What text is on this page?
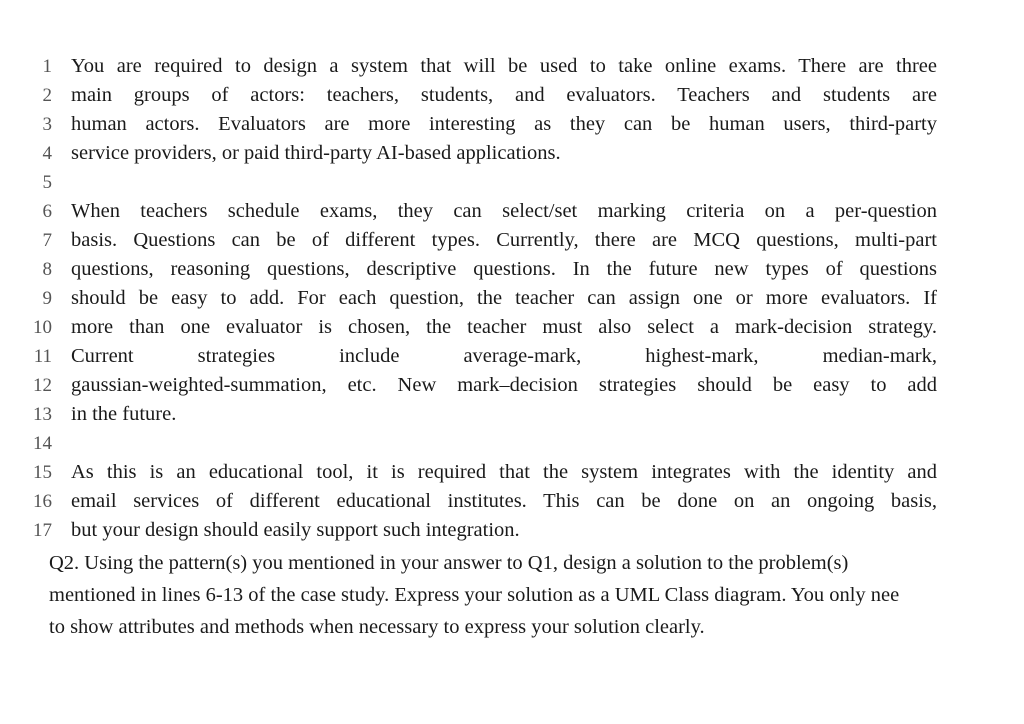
1 You are required to design a system that will be used to take online exams. There are three
2 main groups of actors: teachers, students, and evaluators. Teachers and students are
3 human actors. Evaluators are more interesting as they can be human users, third-party
4 service providers, or paid third-party AI-based applications.
5
6 When teachers schedule exams, they can select/set marking criteria on a per-question
7 basis. Questions can be of different types. Currently, there are MCQ questions, multi-part
8 questions, reasoning questions, descriptive questions. In the future new types of questions
9 should be easy to add. For each question, the teacher can assign one or more evaluators. If
10 more than one evaluator is chosen, the teacher must also select a mark-decision strategy.
11 Current strategies include average-mark, highest-mark, median-mark,
12 gaussian-weighted-summation, etc. New mark–decision strategies should be easy to add
13 in the future.
14
15 As this is an educational tool, it is required that the system integrates with the identity and
16 email services of different educational institutes. This can be done on an ongoing basis,
17 but your design should easily support such integration.
Q2. Using the pattern(s) you mentioned in your answer to Q1, design a solution to the problem(s)
mentioned in lines 6-13 of the case study. Express your solution as a UML Class diagram. You only nee
to show attributes and methods when necessary to express your solution clearly.
